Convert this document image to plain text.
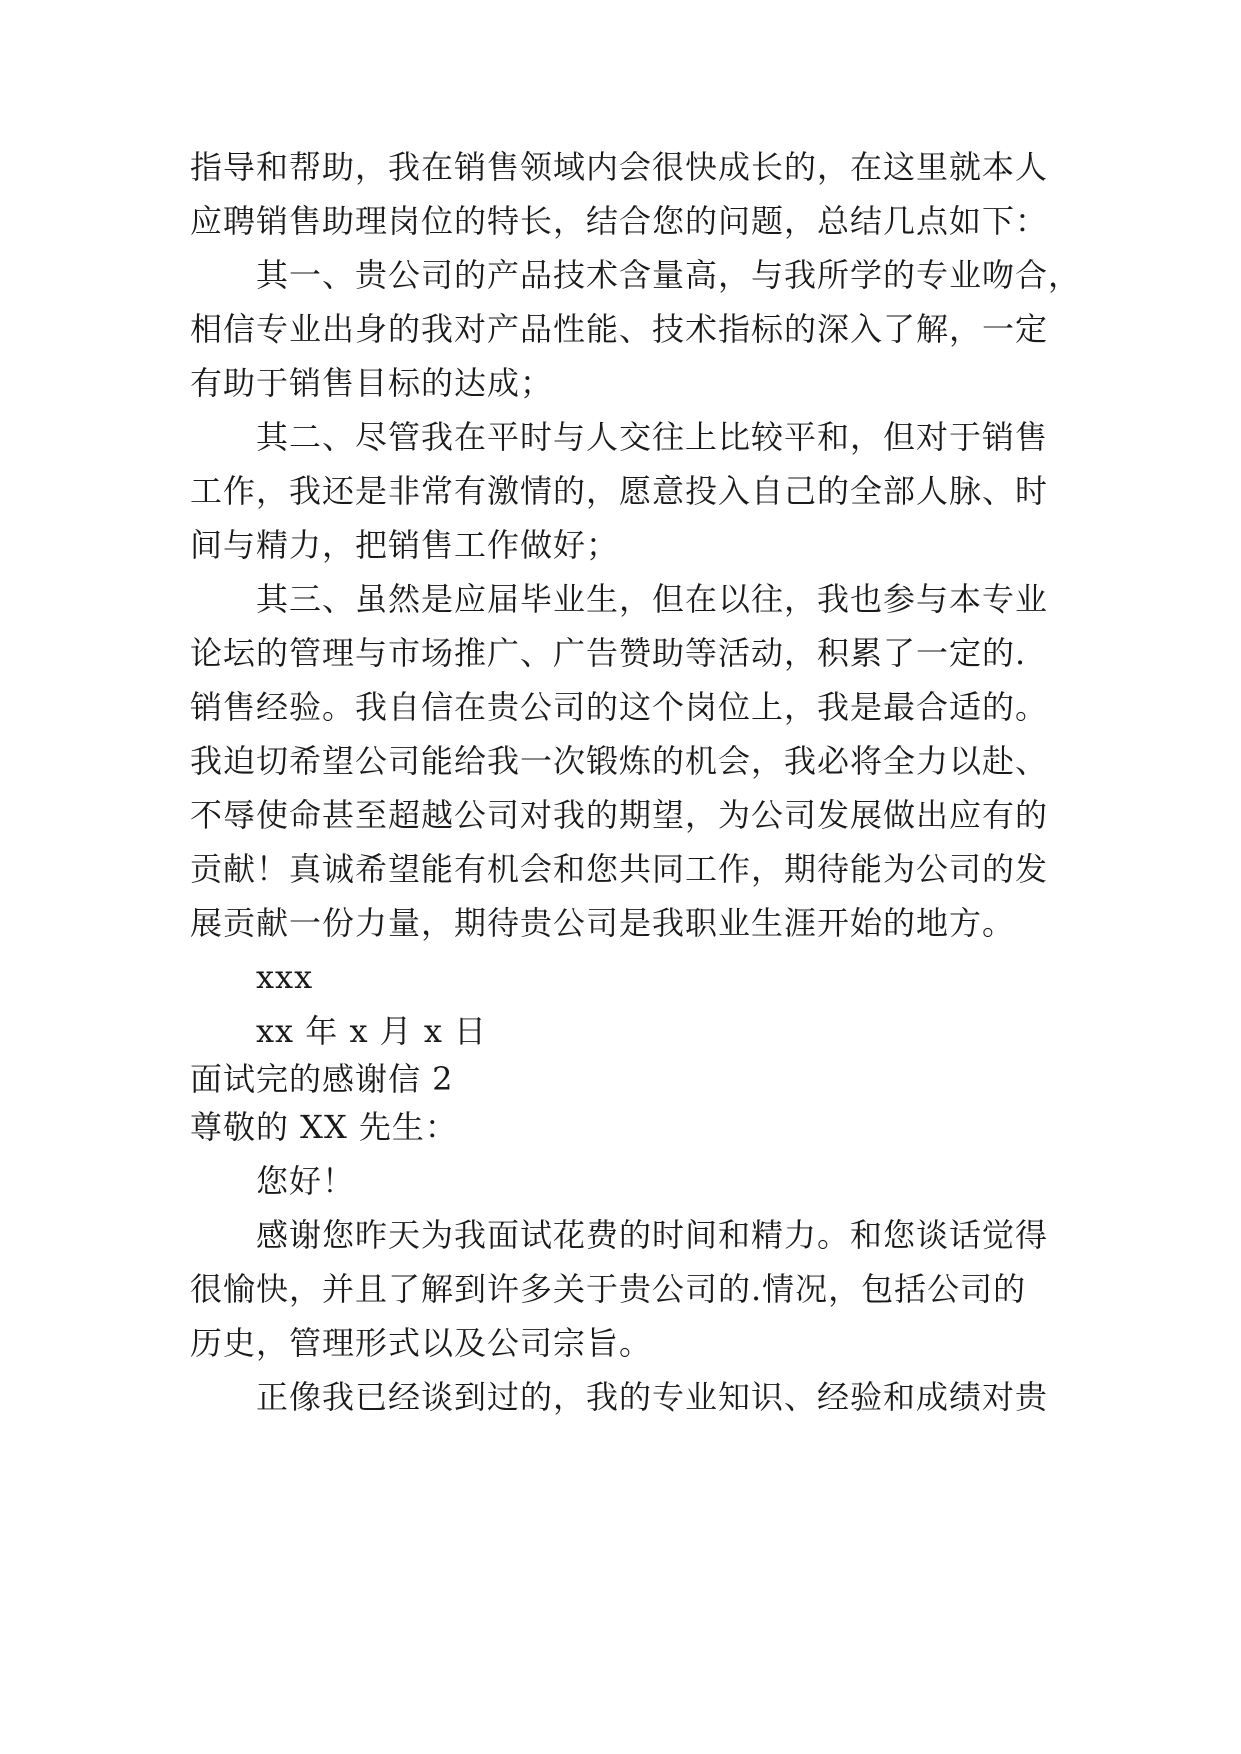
指导和帮助，我在销售领域内会很快成长的，在这里就本人
应聘销售助理岗位的特长，结合您的问题，总结几点如下：
其一、贵公司的产品技术含量高，与我所学的专业吻合，
相信专业出身的我对产品性能、技术指标的深入了解，一定
有助于销售目标的达成；
其二、尽管我在平时与人交往上比较平和，但对于销售
工作，我还是非常有激情的，愿意投入自己的全部人脉、时
间与精力，把销售工作做好；
其三、虽然是应届毕业生，但在以往，我也参与本专业
论坛的管理与市场推广、广告赞助等活动，积累了一定的.
销售经验。我自信在贵公司的这个岗位上，我是最合适的。
我迫切希望公司能给我一次锻炼的机会，我必将全力以赴、
不辱使命甚至超越公司对我的期望，为公司发展做出应有的
贡献！真诚希望能有机会和您共同工作，期待能为公司的发
展贡献一份力量，期待贵公司是我职业生涯开始的地方。
xxx
xx 年 x 月 x 日
面试完的感谢信 2
尊敬的 XX 先生：
您好！
感谢您昨天为我面试花费的时间和精力。和您谈话觉得
很愉快，并且了解到许多关于贵公司的.情况，包括公司的
历史，管理形式以及公司宗旨。
正像我已经谈到过的，我的专业知识、经验和成绩对贵
